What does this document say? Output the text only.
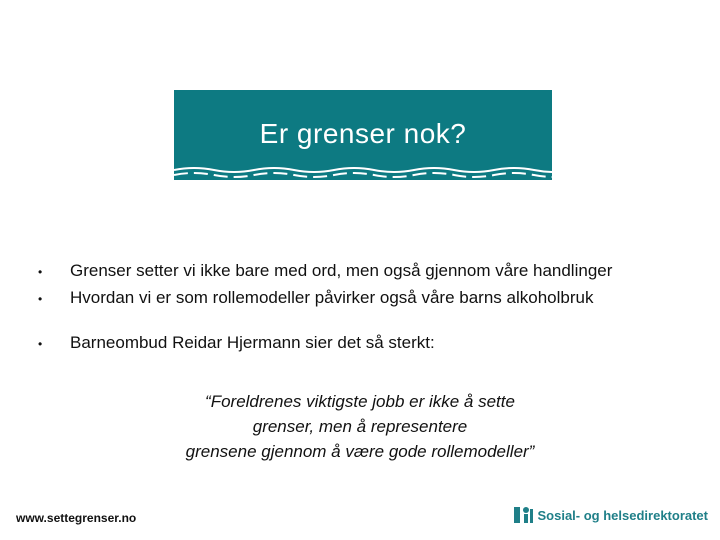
Er grenser nok?
•	Grenser setter vi ikke bare med ord, men også gjennom våre handlinger
•	Hvordan vi er som rollemodeller påvirker også våre barns alkoholbruk
•	Barneombud Reidar Hjermann sier det så sterkt:
“Foreldrenes viktigste jobb er ikke å sette
grenser, men å representere
grensene gjennom å være gode rollemodeller”
www.settegrenser.no	Sosial- og helsedirektoratet
